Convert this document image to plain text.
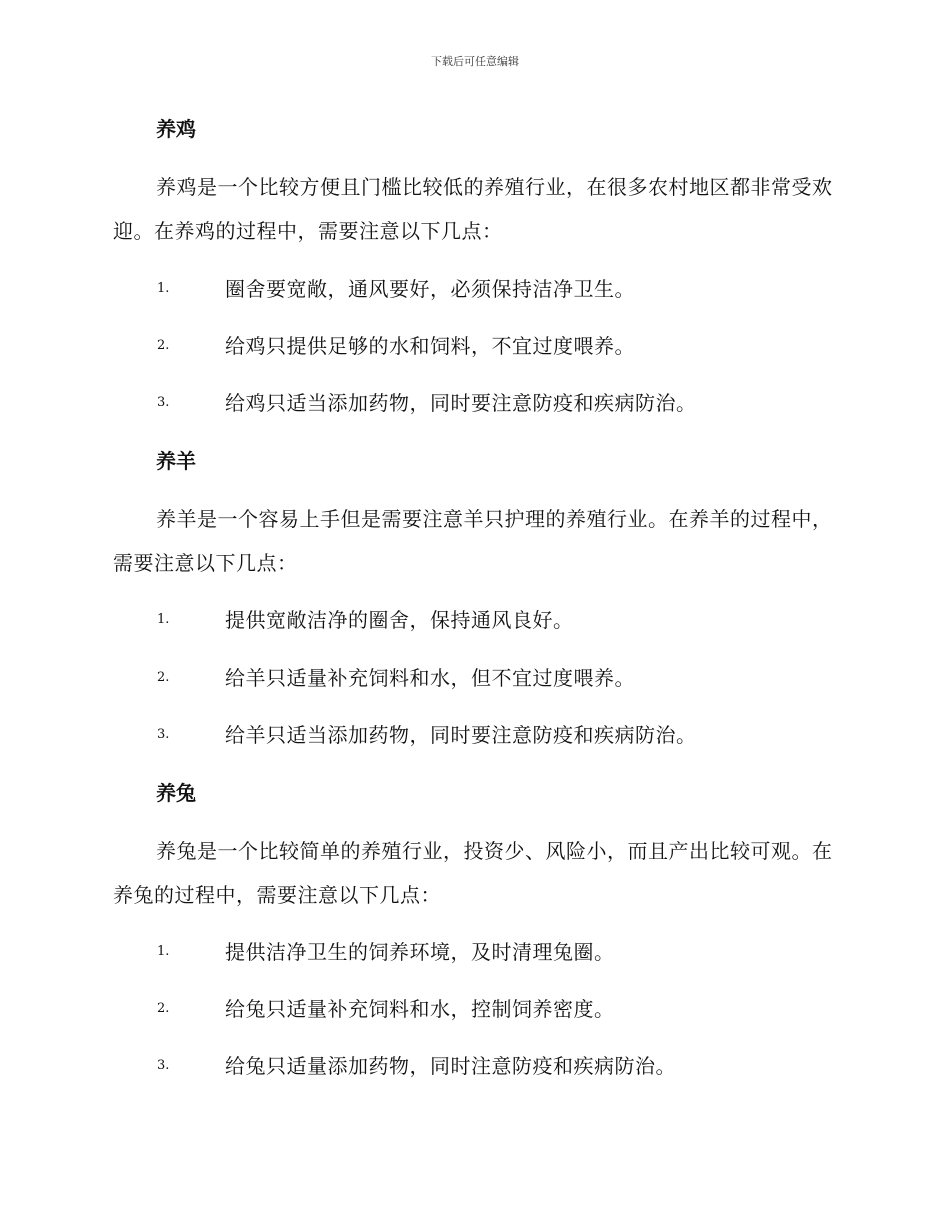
下载后可任意编辑
养鸡

养鸡是一个比较方便且门槛比较低的养殖行业，在很多农村地区都非常受欢迎。在养鸡的过程中，需要注意以下几点：

1.	圈舍要宽敞，通风要好，必须保持洁净卫生。
2.	给鸡只提供足够的水和饲料，不宜过度喂养。
3.	给鸡只适当添加药物，同时要注意防疫和疾病防治。
养羊

养羊是一个容易上手但是需要注意羊只护理的养殖行业。在养羊的过程中，需要注意以下几点：

1.	提供宽敞洁净的圈舍，保持通风良好。
2.	给羊只适量补充饲料和水，但不宜过度喂养。
3.	给羊只适当添加药物，同时要注意防疫和疾病防治。
养兔

养兔是一个比较简单的养殖行业，投资少、风险小，而且产出比较可观。在养兔的过程中，需要注意以下几点：

1.	提供洁净卫生的饲养环境，及时清理兔圈。
2.	给兔只适量补充饲料和水，控制饲养密度。
3.	给兔只适量添加药物，同时注意防疫和疾病防治。
